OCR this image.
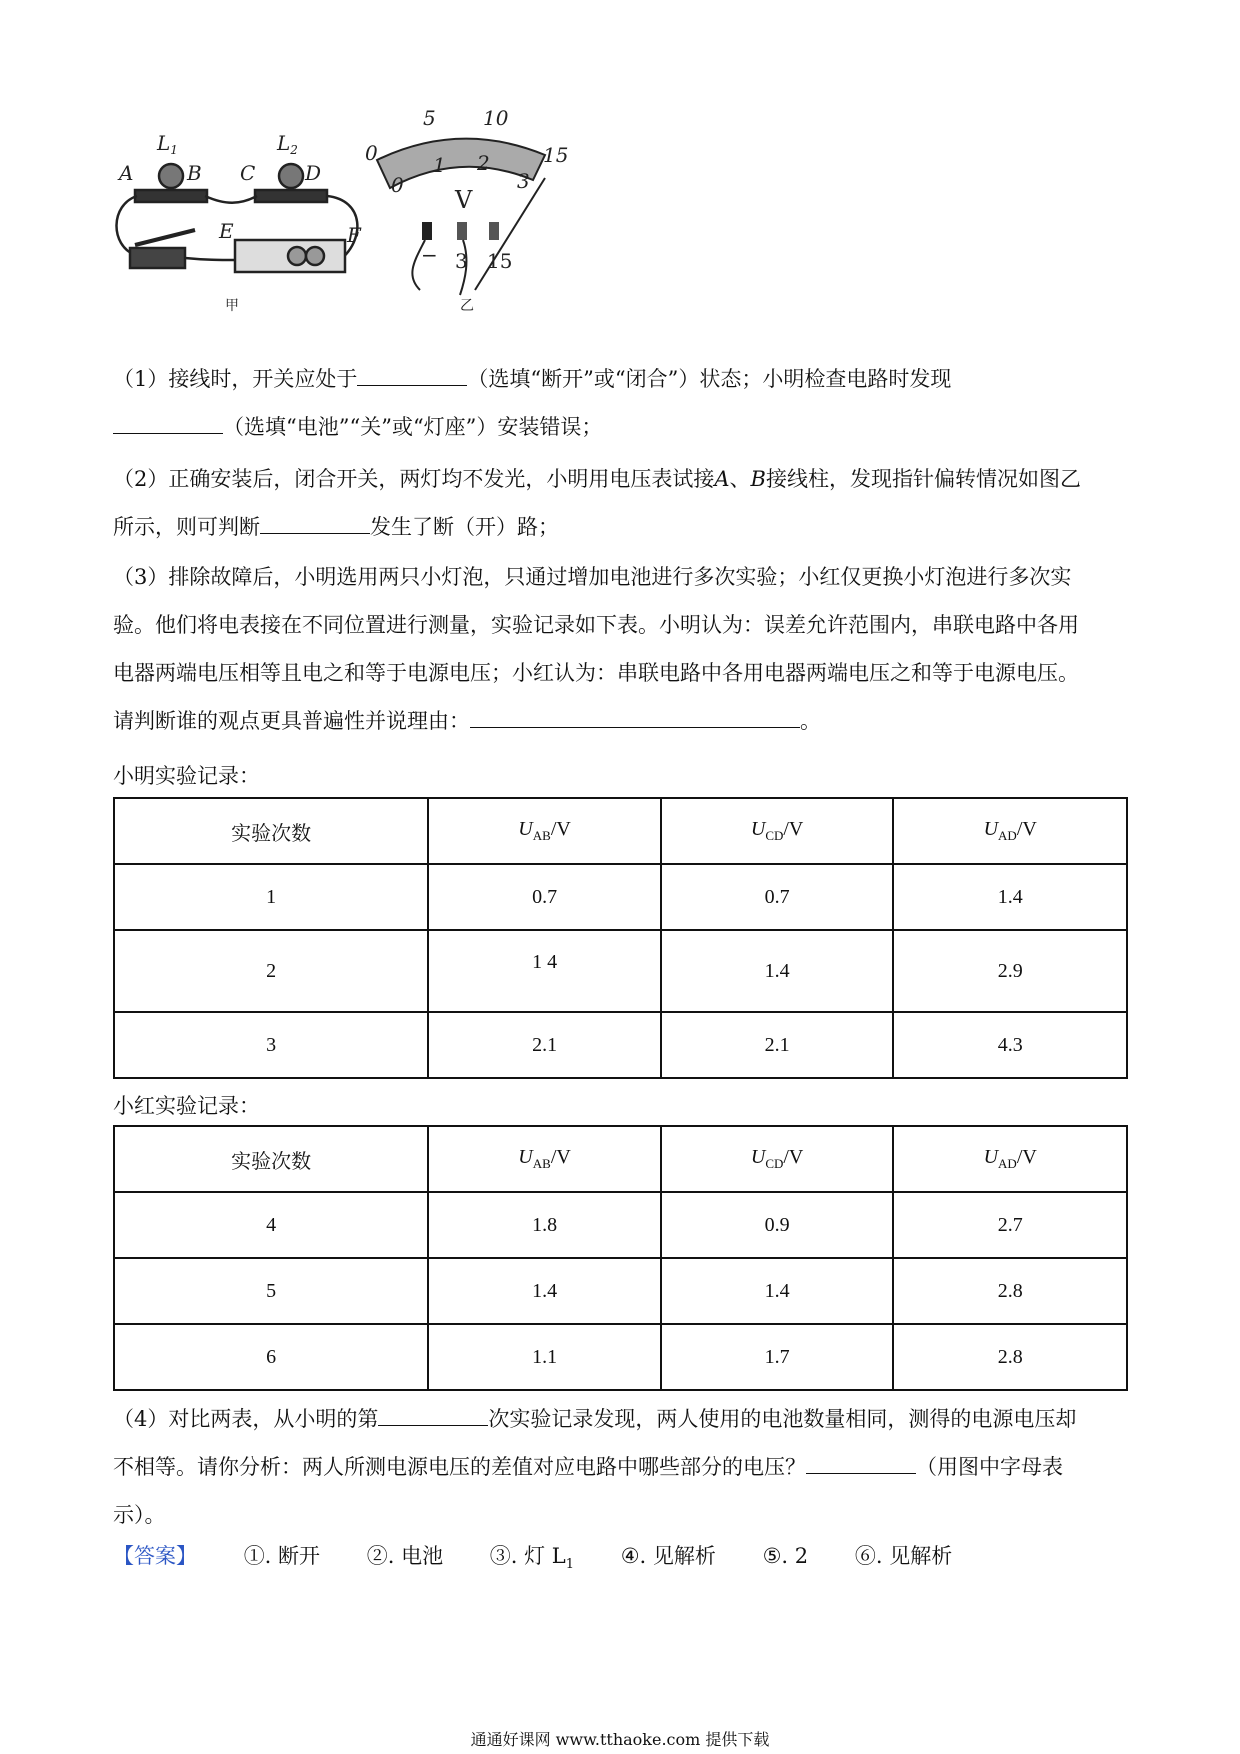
$L_1$	$L_2$
A	B C D
E	F
甲
0
5 10
15
0
1 2
3
V
− 3 15
乙
（1）接线时，开关应处于	（选填“断开”或“闭合”）状态；小明检查电路时发现
（选填“电池”“关”或“灯座”）安装错误；
（2）正确安装后，闭合开关，两灯均不发光，小明用电压表试接A、B接线柱，发现指针偏转情况如图乙
所示，则可判断	发生了断（开）路；
（3）排除故障后，小明选用两只小灯泡，只通过增加电池进行多次实验；小红仅更换小灯泡进行多次实
验。他们将电表接在不同位置进行测量，实验记录如下表。小明认为：误差允许范围内，串联电路中各用
电器两端电压相等且电之和等于电源电压；小红认为：串联电路中各用电器两端电压之和等于电源电压。
请判断谁的观点更具普遍性并说理由：	。
小明实验记录：
实验次数	$U_{AB}/V$	$U_{CD}/V$	$U_{AD}/V$
1	0.7	0.7	1.4
2	1 4	1.4	2.9
3	2.1	2.1	4.3
小红实验记录：
实验次数	$U_{AB}/V$	$U_{CD}/V$	$U_{AD}/V$
4	1.8	0.9	2.7
5	1.4	1.4	2.8
6	1.1	1.7	2.8
（4）对比两表，从小明的第	次实验记录发现，两人使用的电池数量相同，测得的电源电压却
不相等。请你分析：两人所测电源电压的差值对应电路中哪些部分的电压？	（用图中字母表
示）。
【答案】 ①. 断开 ②. 电池 ③. 灯 $L_1$ ④. 见解析 ⑤. 2 ⑥. 见解析
通通好课网 www.tthaoke.com 提供下载
